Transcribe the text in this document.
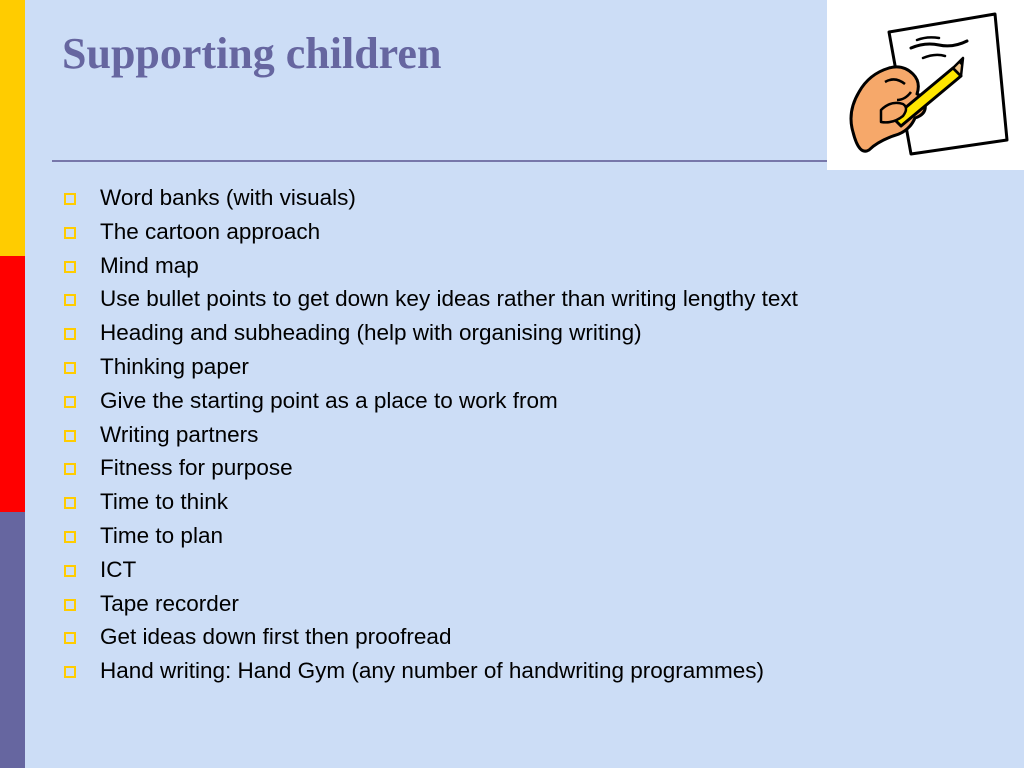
Supporting children
Word banks (with visuals)
The cartoon approach
Mind map
Use bullet points to get down key ideas rather than writing lengthy text
Heading and subheading (help with organising writing)
Thinking paper
Give the starting point as a place to work from
Writing partners
Fitness for purpose
Time to think
Time to plan
ICT
Tape recorder
Get ideas down first then proofread
Hand writing: Hand Gym (any number of handwriting programmes)
